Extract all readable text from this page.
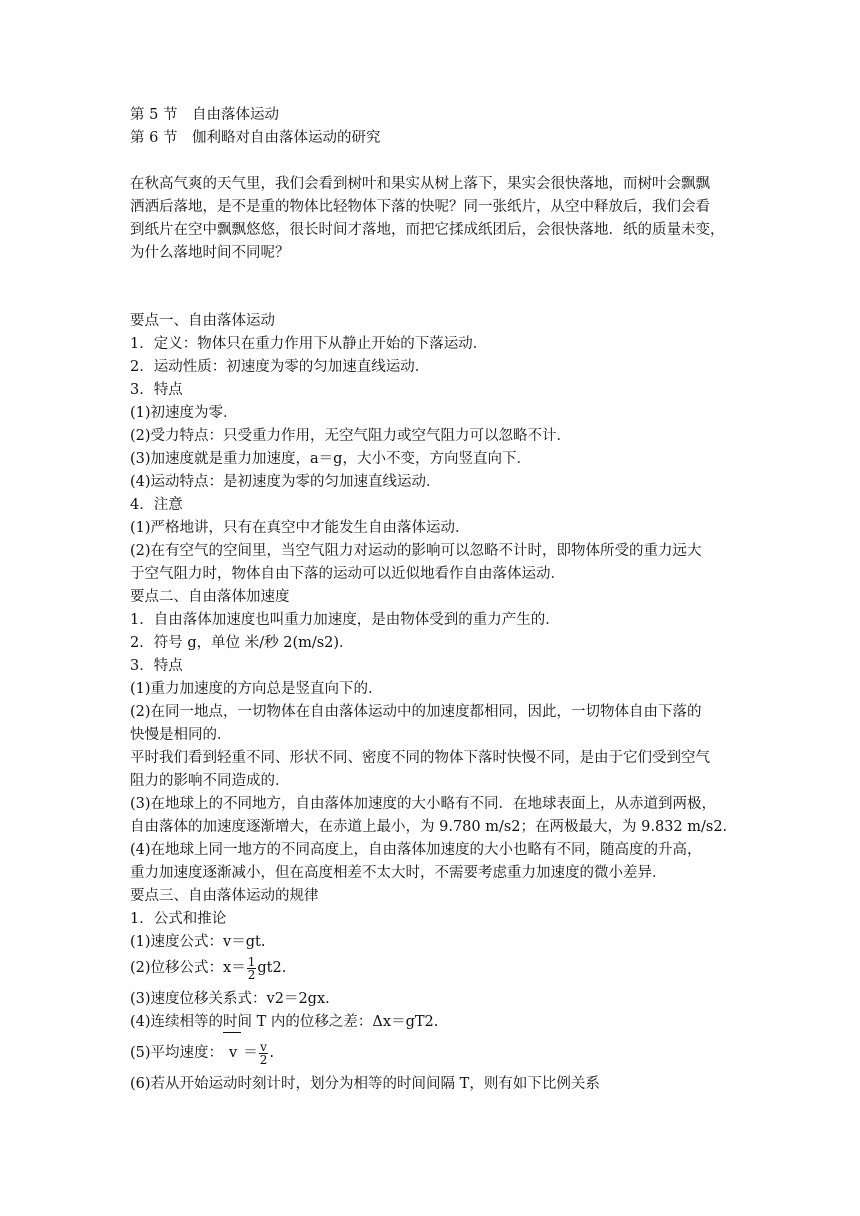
第 5 节　自由落体运动
第 6 节　伽利略对自由落体运动的研究
在秋高气爽的天气里，我们会看到树叶和果实从树上落下，果实会很快落地，而树叶会飘飘
洒洒后落地，是不是重的物体比轻物体下落的快呢？同一张纸片，从空中释放后，我们会看
到纸片在空中飘飘悠悠，很长时间才落地，而把它揉成纸团后，会很快落地．纸的质量未变，
为什么落地时间不同呢？
要点一、自由落体运动
1．定义：物体只在重力作用下从静止开始的下落运动．
2．运动性质：初速度为零的匀加速直线运动．
3．特点
(1)初速度为零．
(2)受力特点：只受重力作用，无空气阻力或空气阻力可以忽略不计．
(3)加速度就是重力加速度，a＝g，大小不变，方向竖直向下．
(4)运动特点：是初速度为零的匀加速直线运动．
4．注意
(1)严格地讲，只有在真空中才能发生自由落体运动．
(2)在有空气的空间里，当空气阻力对运动的影响可以忽略不计时，即物体所受的重力远大
于空气阻力时，物体自由下落的运动可以近似地看作自由落体运动．
要点二、自由落体加速度
1．自由落体加速度也叫重力加速度，是由物体受到的重力产生的．
2．符号 g，单位 米/秒 2(m/s2)．
3．特点
(1)重力加速度的方向总是竖直向下的．
(2)在同一地点，一切物体在自由落体运动中的加速度都相同，因此，一切物体自由下落的
快慢是相同的．
平时我们看到轻重不同、形状不同、密度不同的物体下落时快慢不同，是由于它们受到空气
阻力的影响不同造成的．
(3)在地球上的不同地方，自由落体加速度的大小略有不同．在地球表面上，从赤道到两极，
自由落体的加速度逐渐增大，在赤道上最小，为 9.780 m/s2；在两极最大，为 9.832 m/s2.
(4)在地球上同一地方的不同高度上，自由落体加速度的大小也略有不同，随高度的升高，
重力加速度逐渐减小，但在高度相差不太大时，不需要考虑重力加速度的微小差异．
要点三、自由落体运动的规律
1．公式和推论
(1)速度公式：v＝gt.
(2)位移公式：$x= \frac{1}{2} gt2$.
(3)速度位移关系式：v2＝2gx.
(4)连续相等的时间 T 内的位移之差：Δx＝gT2.
(5)平均速度： $v = \frac{v}{2}$ .
(6)若从开始运动时刻计时，划分为相等的时间间隔 T，则有如下比例关系
